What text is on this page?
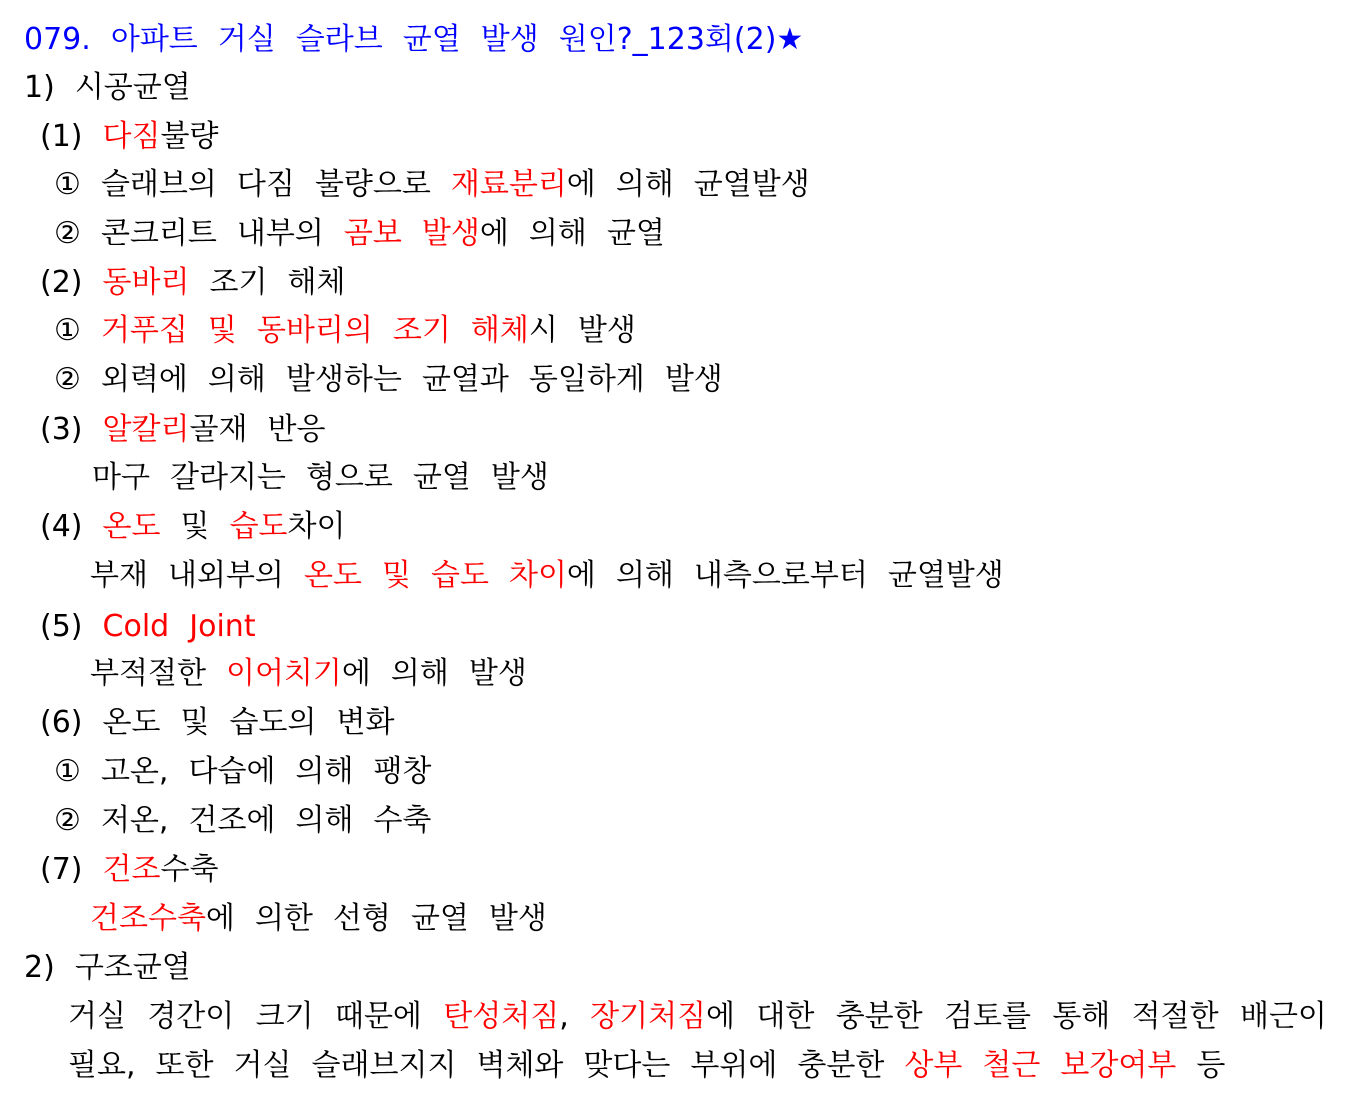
079. 아파트 거실 슬라브 균열 발생 원인?_123회(2)★
1) 시공균열
(1) 다짐불량
① 슬래브의 다짐 불량으로 재료분리에 의해 균열발생
② 콘크리트 내부의 곰보 발생에 의해 균열
(2) 동바리 조기 해체
① 거푸집 및 동바리의 조기 해체시 발생
② 외력에 의해 발생하는 균열과 동일하게 발생
(3) 알칼리골재 반응
마구 갈라지는 형으로 균열 발생
(4) 온도 및 습도차이
부재 내외부의 온도 및 습도 차이에 의해 내측으로부터 균열발생
(5) Cold Joint
부적절한 이어치기에 의해 발생
(6) 온도 및 습도의 변화
① 고온, 다습에 의해 팽창
② 저온, 건조에 의해 수축
(7) 건조수축
건조수축에 의한 선형 균열 발생
2) 구조균열
거실 경간이 크기 때문에 탄성처짐, 장기처짐에 대한 충분한 검토를 통해 적절한 배근이
필요, 또한 거실 슬래브지지 벽체와 맞다는 부위에 충분한 상부 철근 보강여부 등
